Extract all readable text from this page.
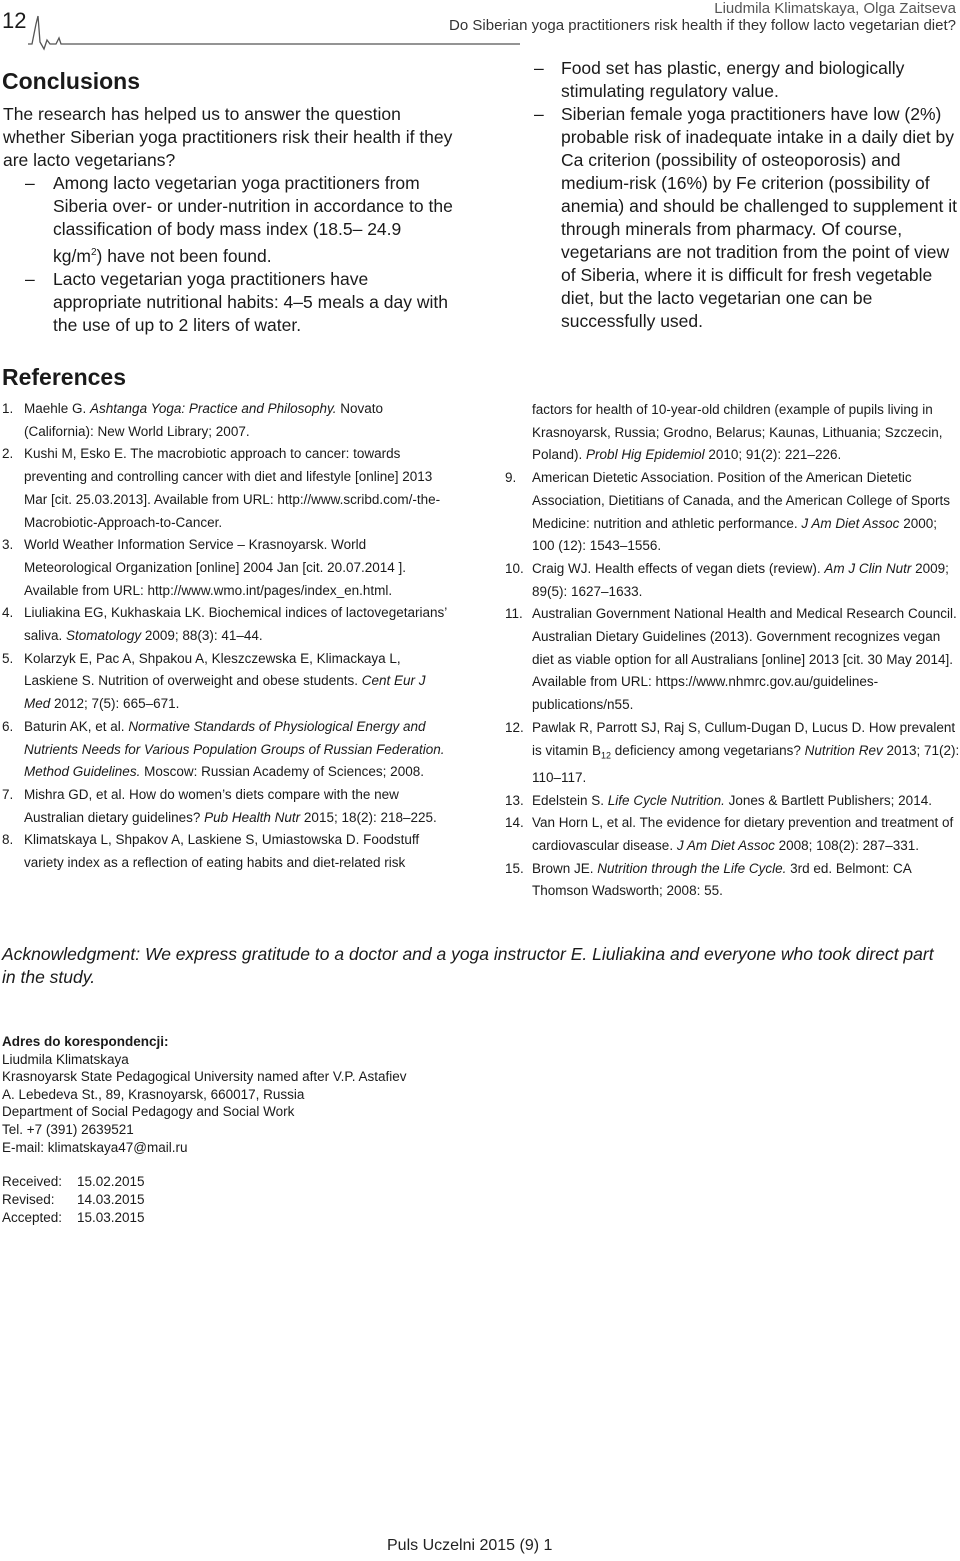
12	Liudmila Klimatskaya, Olga Zaitseva
Do Siberian yoga practitioners risk health if they follow lacto vegetarian diet?
Conclusions
The research has helped us to answer the question whether Siberian yoga practitioners risk their health if they are lacto vegetarians?
– Among lacto vegetarian yoga practitioners from Siberia over- or under-nutrition in accordance to the classification of body mass index (18.5– 24.9 $kg/m^2$) have not been found.
– Lacto vegetarian yoga practitioners have appropriate nutritional habits: 4–5 meals a day with the use of up to 2 liters of water.
– Food set has plastic, energy and biologically stimulating regulatory value.
– Siberian female yoga practitioners have low (2%) probable risk of inadequate intake in a daily diet by Ca criterion (possibility of osteoporosis) and medium-risk (16%) by Fe criterion (possibility of anemia) and should be challenged to supplement it through minerals from pharmacy. Of course, vegetarians are not tradition from the point of view of Siberia, where it is difficult for fresh vegetable diet, but the lacto vegetarian one can be successfully used.
References
1. Maehle G. Ashtanga Yoga: Practice and Philosophy. Novato (California): New World Library; 2007.
2. Kushi M, Esko E. The macrobiotic approach to cancer: towards preventing and controlling cancer with diet and lifestyle [online] 2013 Mar [cit. 25.03.2013]. Available from URL: http://www.scribd.com/-the-Macrobiotic-Approach-to-Cancer.
3. World Weather Information Service – Krasnoyarsk. World Meteorological Organization [online] 2004 Jan [cit. 20.07.2014 ]. Available from URL: http://www.wmo.int/pages/index_en.html.
4. Liuliakina EG, Kukhaskaia LK. Biochemical indices of lactovegetarians’ saliva. Stomatology 2009; 88(3): 41–44.
5. Kolarzyk E, Pac A, Shpakou A, Kleszczewska E, Klimackaya L, Laskiene S. Nutrition of overweight and obese students. Cent Eur J Med 2012; 7(5): 665–671.
6. Baturin AK, et al. Normative Standards of Physiological Energy and Nutrients Needs for Various Population Groups of Russian Federation. Method Guidelines. Moscow: Russian Academy of Sciences; 2008.
7. Mishra GD, et al. How do women’s diets compare with the new Australian dietary guidelines? Pub Health Nutr 2015; 18(2): 218–225.
8. Klimatskaya L, Shpakov A, Laskiene S, Umiastowska D. Foodstuff variety index as a reflection of eating habits and diet-related risk
factors for health of 10-year-old children (example of pupils living in Krasnoyarsk, Russia; Grodno, Belarus; Kaunas, Lithuania; Szczecin, Poland). Probl Hig Epidemiol 2010; 91(2): 221–226.
9.	American Dietetic Association. Position of the American Dietetic Association, Dietitians of Canada, and the American College of Sports Medicine: nutrition and athletic performance. J Am Diet Assoc 2000; 100 (12): 1543–1556.
10. Craig WJ. Health effects of vegan diets (review). Am J Clin Nutr 2009; 89(5): 1627–1633.
11. Australian Government National Health and Medical Research Council. Australian Dietary Guidelines (2013). Government recognizes vegan diet as viable option for all Australians [online] 2013 [cit. 30 May 2014]. Available from URL: https://www.nhmrc.gov.au/guidelines-publications/n55.
12. Pawlak R, Parrott SJ, Raj S, Cullum-Dugan D, Lucus D. How prevalent is vitamin $B_{12}$ deficiency among vegetarians? Nutrition Rev 2013; 71(2): 110–117.
13. Edelstein S. Life Cycle Nutrition. Jones & Bartlett Publishers; 2014.
14. Van Horn L, et al. The evidence for dietary prevention and treatment of cardiovascular disease. J Am Diet Assoc 2008; 108(2): 287–331.
15. Brown JE. Nutrition through the Life Cycle. 3rd ed. Belmont: CA Thomson Wadsworth; 2008: 55.
Acknowledgment: We express gratitude to a doctor and a yoga instructor E. Liuliakina and everyone who took direct part in the study.
Adres do korespondencji:
Liudmila Klimatskaya
Krasnoyarsk State Pedagogical University named after V.P. Astafiev
A. Lebedeva St., 89, Krasnoyarsk, 660017, Russia
Department of Social Pedagogy and Social Work
Tel. +7 (391) 2639521
E-mail: klimatskaya47@mail.ru
Received:	15.02.2015
Revised:	14.03.2015
Accepted:	15.03.2015
Puls Uczelni 2015 (9) 1
